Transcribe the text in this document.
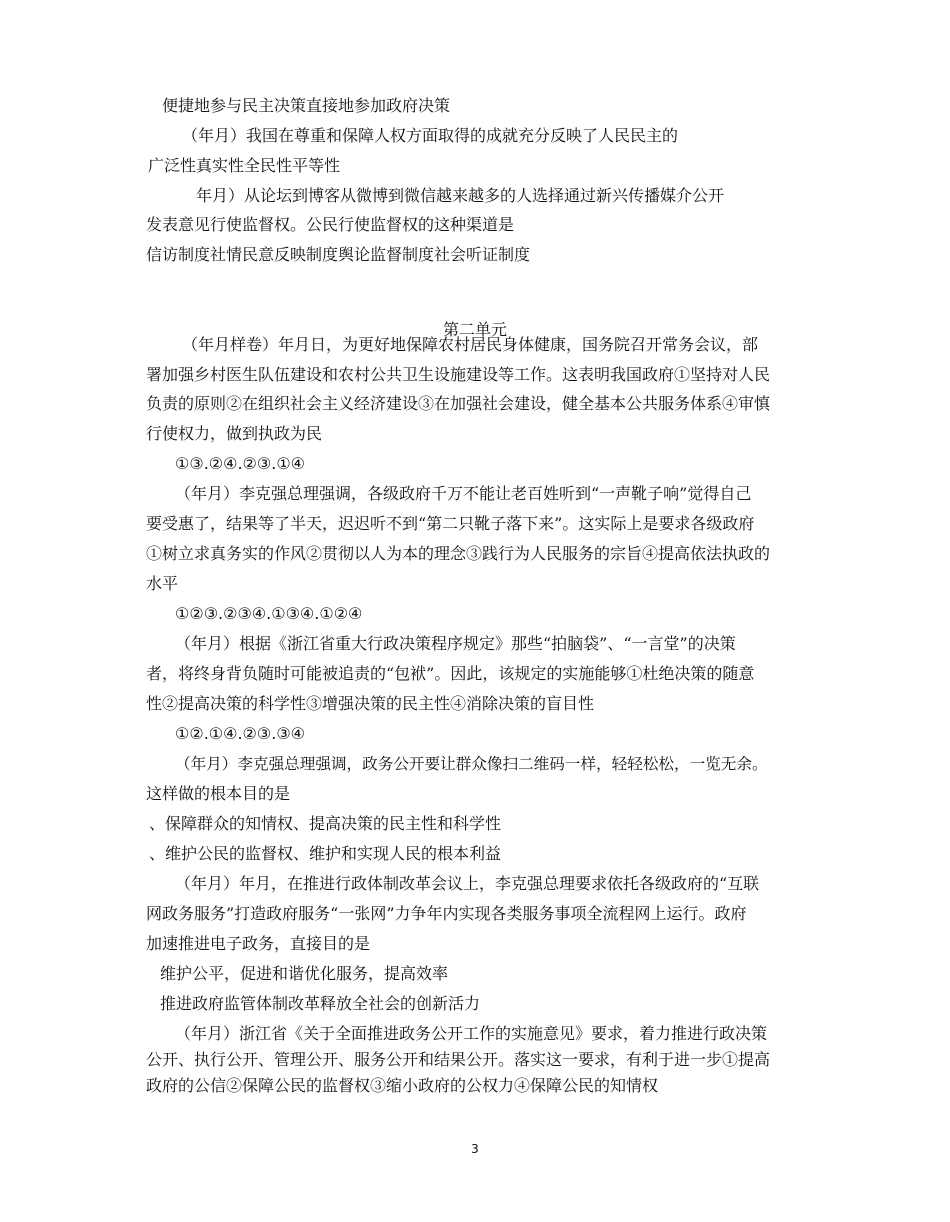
便捷地参与民主决策直接地参加政府决策

（年月）我国在尊重和保障人权方面取得的成就充分反映了人民民主的

广泛性真实性全民性平等性

年月）从论坛到博客从微博到微信越来越多的人选择通过新兴传播媒介公开

发表意见行使监督权。公民行使监督权的这种渠道是

信访制度社情民意反映制度舆论监督制度社会听证制度

第二单元

（年月样卷）年月日，为更好地保障农村居民身体健康，国务院召开常务会议，部

署加强乡村医生队伍建设和农村公共卫生设施建设等工作。这表明我国政府①坚持对人民

负责的原则②在组织社会主义经济建设③在加强社会建设，健全基本公共服务体系④审慎

行使权力，做到执政为民

①③.②④.②③.①④

（年月）李克强总理强调，各级政府千万不能让老百姓听到“一声靴子响”觉得自己

要受惠了，结果等了半天，迟迟听不到“第二只靴子落下来”。这实际上是要求各级政府

①树立求真务实的作风②贯彻以人为本的理念③践行为人民服务的宗旨④提高依法执政的

水平

①②③.②③④.①③④.①②④

（年月）根据《浙江省重大行政决策程序规定》那些“拍脑袋”、“一言堂”的决策

者，将终身背负随时可能被追责的“包袱”。因此，该规定的实施能够①杜绝决策的随意

性②提高决策的科学性③增强决策的民主性④消除决策的盲目性

①②.①④.②③.③④

（年月）李克强总理强调，政务公开要让群众像扫二维码一样，轻轻松松，一览无余。

这样做的根本目的是

、保障群众的知情权、提高决策的民主性和科学性

、维护公民的监督权、维护和实现人民的根本利益

（年月）年月，在推进行政体制改革会议上，李克强总理要求依托各级政府的“互联

网政务服务”打造政府服务“一张网”力争年内实现各类服务事项全流程网上运行。政府

加速推进电子政务，直接目的是

维护公平，促进和谐优化服务，提高效率

推进政府监管体制改革释放全社会的创新活力

（年月）浙江省《关于全面推进政务公开工作的实施意见》要求，着力推进行政决策

公开、执行公开、管理公开、服务公开和结果公开。落实这一要求，有利于进一步①提高

政府的公信②保障公民的监督权③缩小政府的公权力④保障公民的知情权

3
